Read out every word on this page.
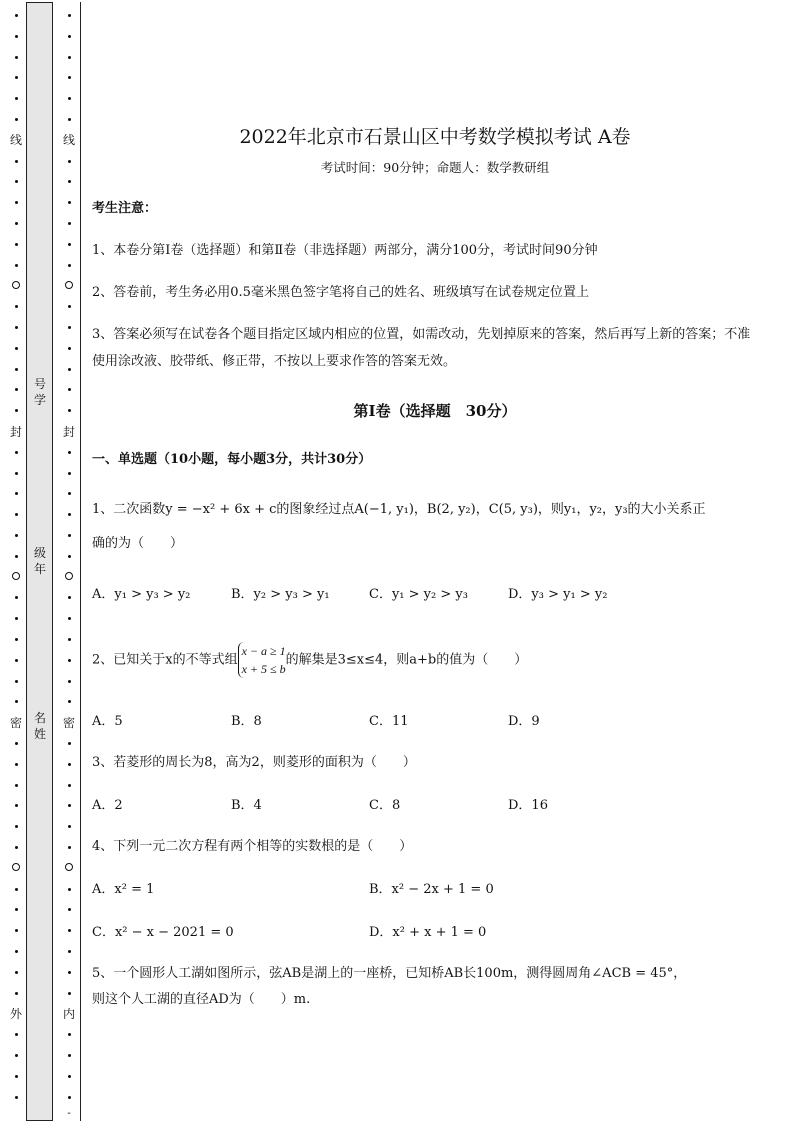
线
封
密
外
线
封
密
内
-
号学
级年
名姓
2022年北京市石景山区中考数学模拟考试 A卷
考试时间：90分钟；命题人：数学教研组
考生注意：
1、本卷分第I卷（选择题）和第Ⅱ卷（非选择题）两部分，满分100分，考试时间90分钟
2、答卷前，考生务必用0.5毫米黑色签字笔将自己的姓名、班级填写在试卷规定位置上
3、答案必须写在试卷各个题目指定区域内相应的位置，如需改动，先划掉原来的答案，然后再写上新的答案；不准使用涂改液、胶带纸、修正带，不按以上要求作答的答案无效。
第I卷（选择题　30分）
一、单选题（10小题，每小题3分，共计30分）
1、二次函数y = −x² + 6x + c的图象经过点A(−1, y₁)，B(2, y₂)，C(5, y₃)，则y₁，y₂，y₃的大小关系正
确的为（　　）
A．y₁ > y₃ > y₂	B．y₂ > y₃ > y₁	C．y₁ > y₂ > y₃	D．y₃ > y₁ > y₂
2、已知关于x的不等式组
x − a ≥ 1
x + 5 ≤ b
的解集是3≤x≤4，则a+b的值为（　　）
A．5	B．8	C．11	D．9
3、若菱形的周长为8，高为2，则菱形的面积为（　　）
A．2	B．4	C．8	D．16
4、下列一元二次方程有两个相等的实数根的是（　　）
A．x² = 1	B．x² − 2x + 1 = 0
C．x² − x − 2021 = 0	D．x² + x + 1 = 0
5、一个圆形人工湖如图所示，弦AB是湖上的一座桥，已知桥AB长100m，测得圆周角∠ACB = 45°，
则这个人工湖的直径AD为（　　）m.
